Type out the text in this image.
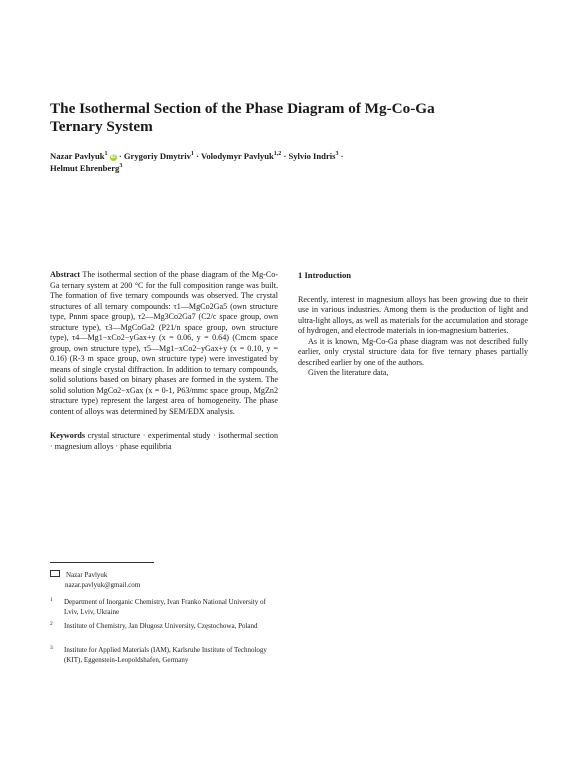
The Isothermal Section of the Phase Diagram of Mg-Co-Ga Ternary System
Nazar Pavlyuk$^1$ iD · Grygoriy Dmytriv$^1$ · Volodymyr Pavlyuk$^{1,2}$ · Sylvio Indris$^3$ ·
Helmut Ehrenberg$^3$
Abstract The isothermal section of the phase diagram of the Mg-Co-Ga ternary system at 200 °C for the full composition range was built. The formation of five ternary compounds was observed. The crystal structures of all ternary compounds: τ1—MgCo2Ga5 (own structure type, Pnnm space group), τ2—Mg3Co2Ga7 (C2/c space group, own structure type), τ3—MgCoGa2 (P21/n space group, own structure type), τ4—Mg1−xCo2−yGax+y (x = 0.06, y = 0.64) (Cmcm space group, own structure type), τ5—Mg1−xCo2−yGax+y (x = 0.10, y = 0.16) (R-3 m space group, own structure type) were investigated by means of single crystal diffraction. In addition to ternary compounds, solid solutions based on binary phases are formed in the system. The solid solution MgCo2−xGax (x = 0-1, P63/mmc space group, MgZn2 structure type) represent the largest area of homogeneity. The phase content of alloys was determined by SEM/EDX analysis.
Keywords crystal structure · experimental study · isothermal section · magnesium alloys · phase equilibria
Nazar Pavlyuk
nazar.pavlyuk@gmail.com
1 Department of Inorganic Chemistry, Ivan Franko National University of Lviv, Lviv, Ukraine
2 Institute of Chemistry, Jan Długosz University, Częstochowa, Poland
3 Institute for Applied Materials (IAM), Karlsruhe Institute of Technology (KIT), Eggenstein-Leopoldshafen, Germany
1 Introduction

Recently, interest in magnesium alloys has been growing due to their use in various industries. Among them is the production of light and ultra-light alloys, as well as materials for the accumulation and storage of hydrogen, and electrode materials in ion-magnesium batteries.

As it is known, Mg-Co-Ga phase diagram was not described fully earlier, only crystal structure data for five ternary phases partially described earlier by one of the authors.

Given the literature data,
